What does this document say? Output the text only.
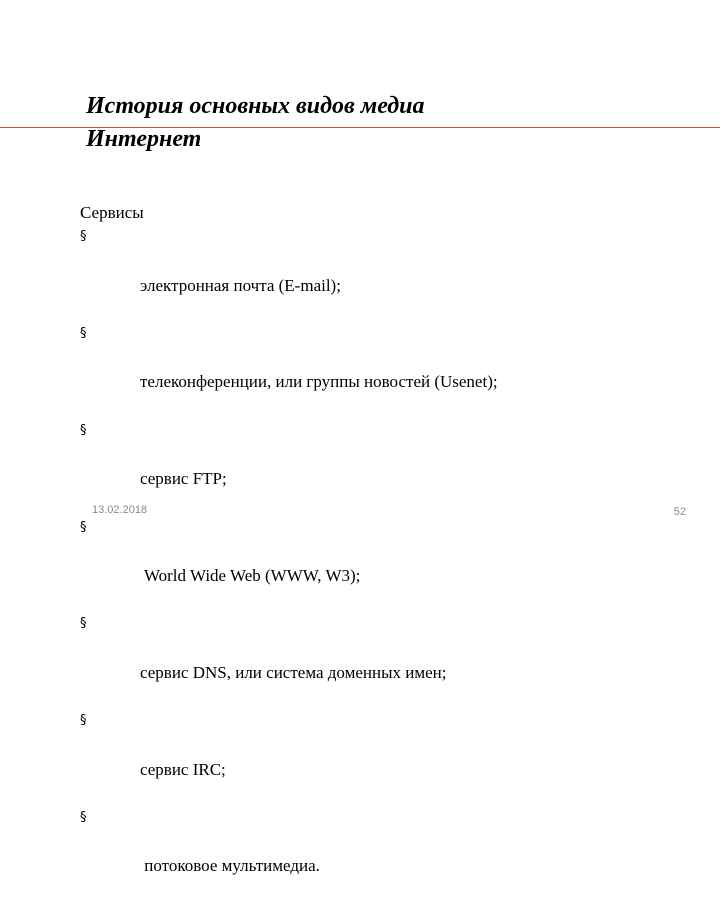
История основных видов медиа
Интернет
Сервисы

§

электронная почта (E-mail);

§

телеконференции, или группы новостей (Usenet);

§

сервис FTP;

§

World Wide Web (WWW, W3);

§

сервис DNS, или система доменных имен;

§

сервис IRC;

§

потоковое мультимедиа.

13.02.2018	52
